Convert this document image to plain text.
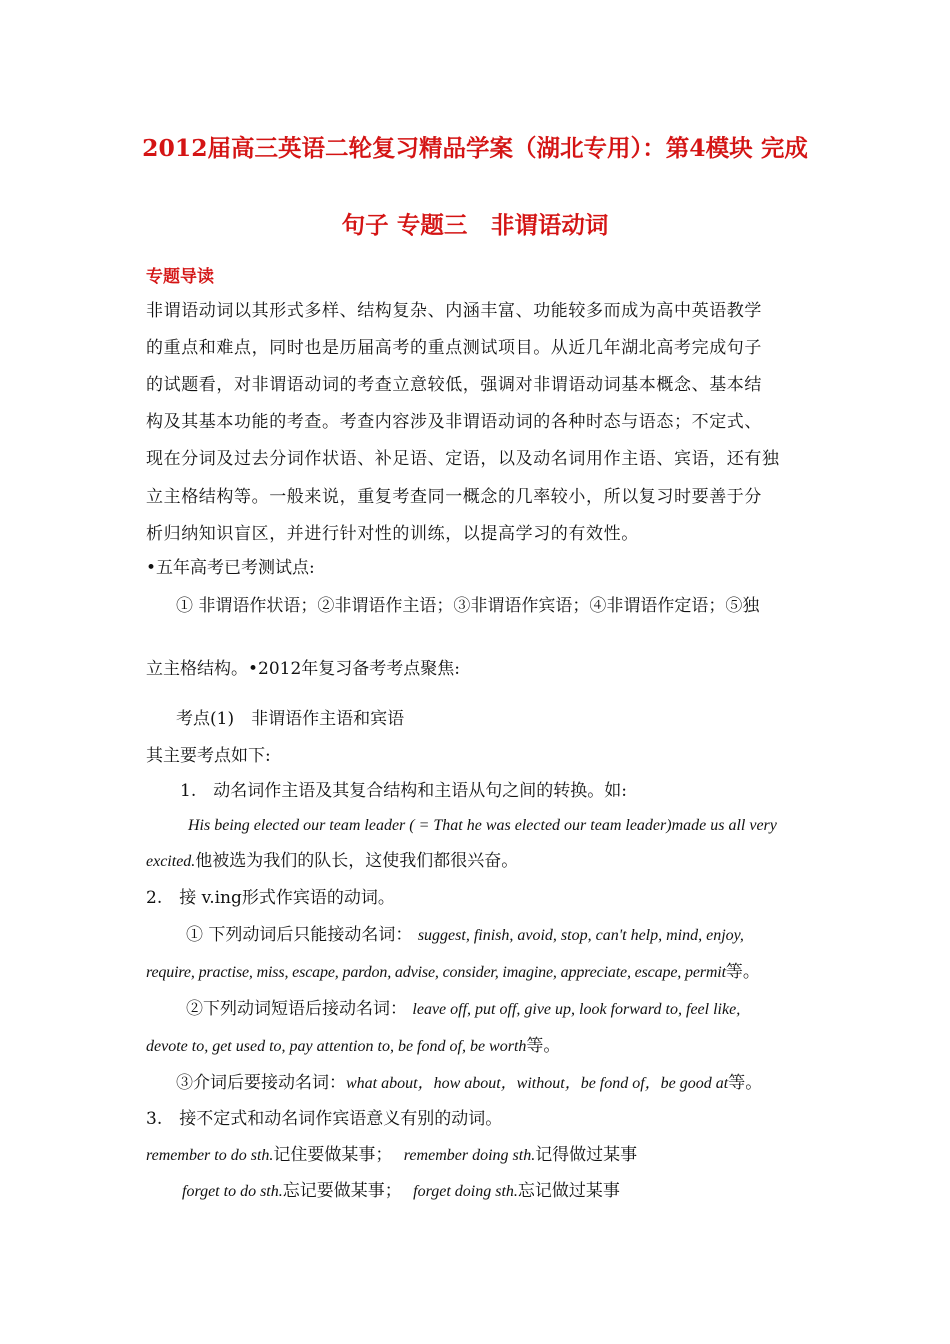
2012届高三英语二轮复习精品学案（湖北专用）：第4模块 完成
句子 专题三　非谓语动词
专题导读
非谓语动词以其形式多样、结构复杂、内涵丰富、功能较多而成为高中英语教学
的重点和难点，同时也是历届高考的重点测试项目。从近几年湖北高考完成句子
的试题看，对非谓语动词的考查立意较低，强调对非谓语动词基本概念、基本结
构及其基本功能的考查。考查内容涉及非谓语动词的各种时态与语态；不定式、
现在分词及过去分词作状语、补足语、定语，以及动名词用作主语、宾语，还有独
立主格结构等。一般来说，重复考查同一概念的几率较小，所以复习时要善于分
析归纳知识盲区，并进行针对性的训练，以提高学习的有效性。
•五年高考已考测试点:
① 非谓语作状语；②非谓语作主语；③非谓语作宾语；④非谓语作定语；⑤独
立主格结构。•2012年复习备考考点聚焦:
考点(1)　非谓语作主语和宾语
其主要考点如下:
1.　动名词作主语及其复合结构和主语从句之间的转换。如:
His being elected our team leader ( = That he was elected our team leader)made us all very
excited.他被选为我们的队长，这使我们都很兴奋。
2.　接 v.ing形式作宾语的动词。
① 下列动词后只能接动名词： suggest, finish, avoid, stop, can't help, mind, enjoy,
require, practise, miss, escape, pardon, advise, consider, imagine, appreciate, escape, permit等。
②下列动词短语后接动名词： leave off, put off, give up, look forward to, feel like,
devote to, get used to, pay attention to, be fond of, be worth等。
③介词后要接动名词：what about，how about，without，be fond of，be good at等。
3.　接不定式和动名词作宾语意义有别的动词。
remember to do sth.记住要做某事； remember doing sth.记得做过某事
forget to do sth.忘记要做某事； forget doing sth.忘记做过某事
